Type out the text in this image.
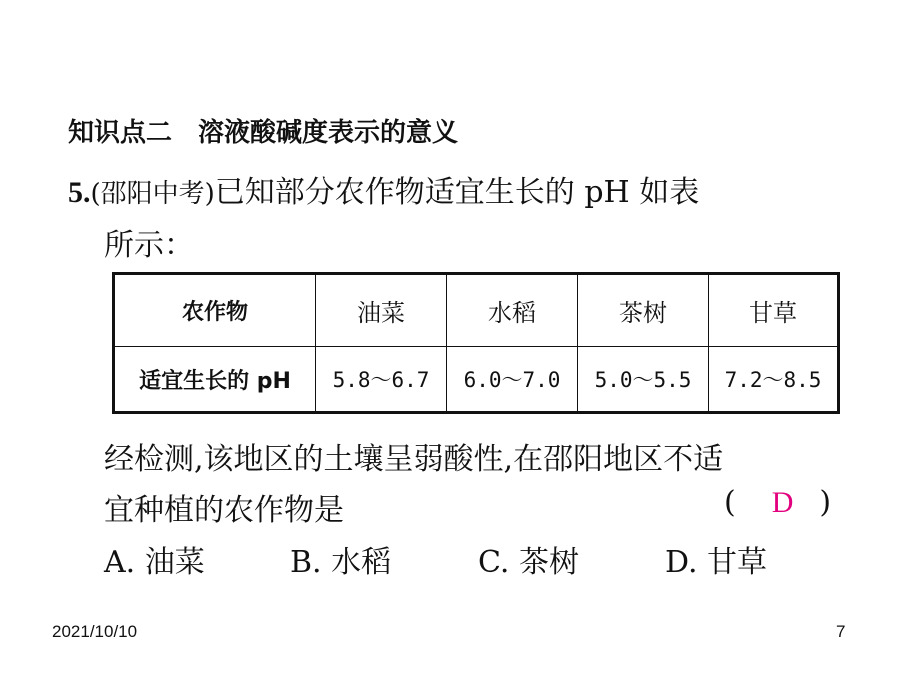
知识点二 溶液酸碱度表示的意义
5.(邵阳中考)已知部分农作物适宜生长的 pH 如表
所示：
农作物	油菜	水稻	茶树	甘草
适宜生长的 pH	5.8～6.7	6.0～7.0	5.0～5.5	7.2～8.5
经检测,该地区的土壤呈弱酸性,在邵阳地区不适
宜种植的农作物是	( D )
A. 油菜	B. 水稻	C. 茶树	D. 甘草
2021/10/10	7
